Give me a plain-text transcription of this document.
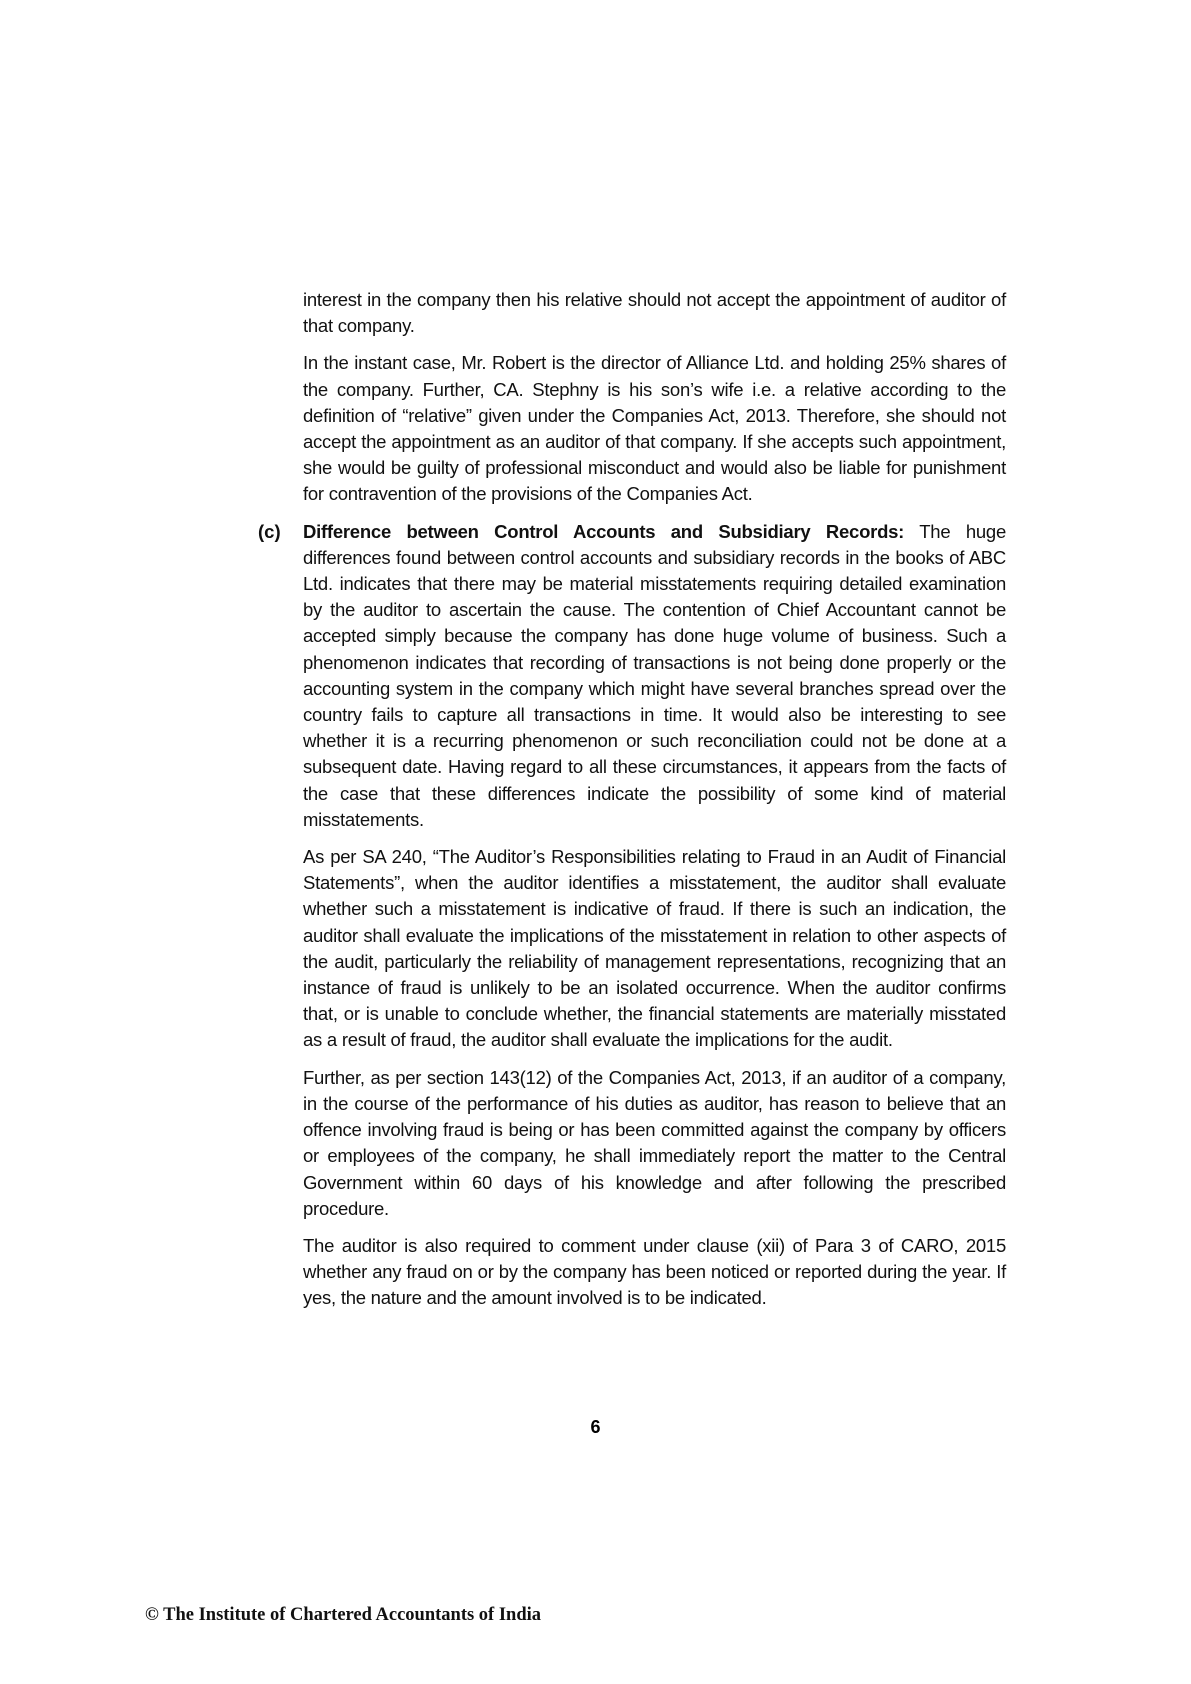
interest in the company then his relative should not accept the appointment of auditor of that company.

In the instant case, Mr. Robert is the director of Alliance Ltd. and holding 25% shares of the company. Further, CA. Stephny is his son’s wife i.e. a relative according to the definition of “relative” given under the Companies Act, 2013. Therefore, she should not accept the appointment as an auditor of that company. If she accepts such appointment, she would be guilty of professional misconduct and would also be liable for punishment for contravention of the provisions of the Companies Act.

(c) Difference between Control Accounts and Subsidiary Records: The huge differences found between control accounts and subsidiary records in the books of ABC Ltd. indicates that there may be material misstatements requiring detailed examination by the auditor to ascertain the cause. The contention of Chief Accountant cannot be accepted simply because the company has done huge volume of business. Such a phenomenon indicates that recording of transactions is not being done properly or the accounting system in the company which might have several branches spread over the country fails to capture all transactions in time. It would also be interesting to see whether it is a recurring phenomenon or such reconciliation could not be done at a subsequent date. Having regard to all these circumstances, it appears from the facts of the case that these differences indicate the possibility of some kind of material misstatements.

As per SA 240, “The Auditor’s Responsibilities relating to Fraud in an Audit of Financial Statements”, when the auditor identifies a misstatement, the auditor shall evaluate whether such a misstatement is indicative of fraud. If there is such an indication, the auditor shall evaluate the implications of the misstatement in relation to other aspects of the audit, particularly the reliability of management representations, recognizing that an instance of fraud is unlikely to be an isolated occurrence. When the auditor confirms that, or is unable to conclude whether, the financial statements are materially misstated as a result of fraud, the auditor shall evaluate the implications for the audit.

Further, as per section 143(12) of the Companies Act, 2013, if an auditor of a company, in the course of the performance of his duties as auditor, has reason to believe that an offence involving fraud is being or has been committed against the company by officers or employees of the company, he shall immediately report the matter to the Central Government within 60 days of his knowledge and after following the prescribed procedure.

The auditor is also required to comment under clause (xii) of Para 3 of CARO, 2015 whether any fraud on or by the company has been noticed or reported during the year. If yes, the nature and the amount involved is to be indicated.

6
© The Institute of Chartered Accountants of India
